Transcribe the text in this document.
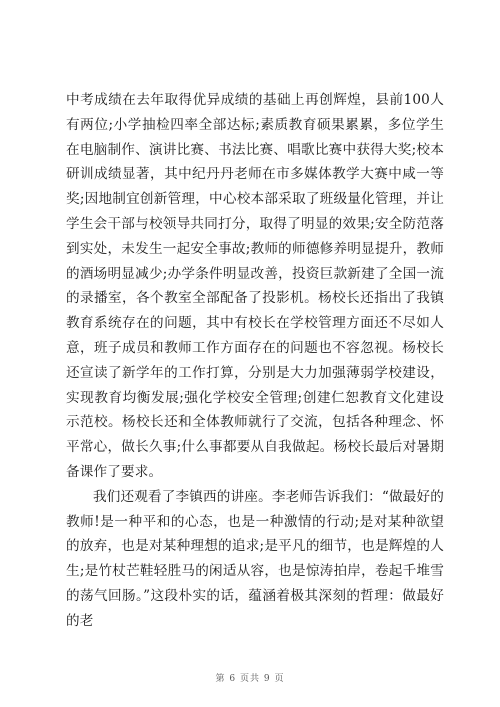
中考成绩在去年取得优异成绩的基础上再创辉煌，县前100人有两位;小学抽检四率全部达标;素质教育硕果累累，多位学生在电脑制作、演讲比赛、书法比赛、唱歌比赛中获得大奖;校本研训成绩显著，其中纪丹丹老师在市多媒体教学大赛中咸一等奖;因地制宜创新管理，中心校本部采取了班级量化管理，并让学生会干部与校领导共同打分，取得了明显的效果;安全防范落到实处，未发生一起安全事故;教师的师德修养明显提升，教师的酒场明显减少;办学条件明显改善，投资巨款新建了全国一流的录播室，各个教室全部配备了投影机。杨校长还指出了我镇教育系统存在的问题，其中有校长在学校管理方面还不尽如人意，班子成员和教师工作方面存在的问题也不容忽视。杨校长还宣读了新学年的工作打算，分别是大力加强薄弱学校建设，实现教育均衡发展;强化学校安全管理;创建仁恕教育文化建设示范校。杨校长还和全体教师就行了交流，包括各种理念、怀平常心，做长久事;什么事都要从自我做起。杨校长最后对暑期备课作了要求。

我们还观看了李镇西的讲座。李老师告诉我们：“做最好的教师!是一种平和的心态，也是一种激情的行动;是对某种欲望的放弃，也是对某种理想的追求;是平凡的细节，也是辉煌的人生;是竹杖芒鞋轻胜马的闲适从容，也是惊涛拍岸，卷起千堆雪的荡气回肠。”这段朴实的话，蕴涵着极其深刻的哲理：做最好的老

第 6 页共 9 页
